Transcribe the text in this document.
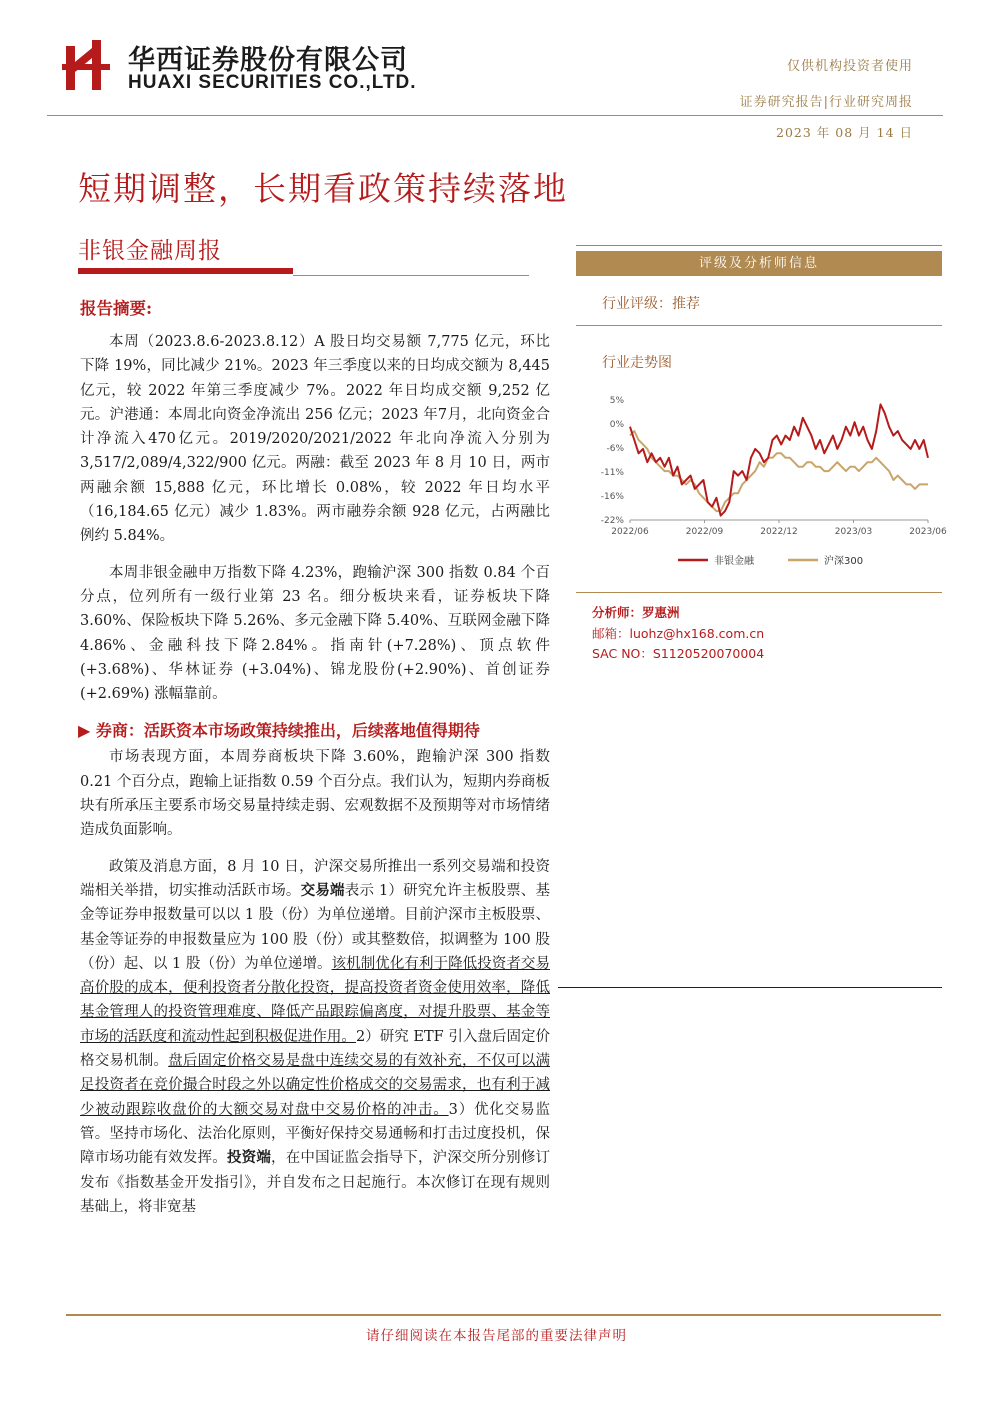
华西证券股份有限公司
HUAXI SECURITIES CO.,LTD.
仅供机构投资者使用
证券研究报告|行业研究周报
2023 年 08 月 14 日
短期调整，长期看政策持续落地
非银金融周报
报告摘要:

本周（2023.8.6-2023.8.12）A 股日均交易额 7,775 亿元，环比下降 19%，同比减少 21%。2023 年三季度以来的日均成交额为 8,445 亿元，较 2022 年第三季度减少 7%。2022 年日均成交额 9,252 亿元。沪港通：本周北向资金净流出 256 亿元；2023 年7月，北向资金合计净流入470亿元。2019/2020/2021/2022 年北向净流入分别为 3,517/2,089/4,322/900 亿元。两融：截至 2023 年 8 月 10 日，两市两融余额 15,888 亿元，环比增长 0.08%，较 2022 年日均水平（16,184.65 亿元）减少 1.83%。两市融券余额 928 亿元，占两融比例约 5.84%。

本周非银金融申万指数下降 4.23%，跑输沪深 300 指数 0.84 个百分点，位列所有一级行业第 23 名。细分板块来看，证券板块下降 3.60%、保险板块下降 5.26%、多元金融下降 5.40%、互联网金融下降4.86%、金融科技下降2.84%。指南针(+7.28%)、顶点软件 (+3.68%)、华林证券 (+3.04%)、锦龙股份(+2.90%)、首创证券 (+2.69%) 涨幅靠前。

▶ 券商：活跃资本市场政策持续推出，后续落地值得期待

市场表现方面，本周券商板块下降 3.60%，跑输沪深 300 指数 0.21 个百分点，跑输上证指数 0.59 个百分点。我们认为，短期内券商板块有所承压主要系市场交易量持续走弱、宏观数据不及预期等对市场情绪造成负面影响。

政策及消息方面，8 月 10 日，沪深交易所推出一系列交易端和投资端相关举措，切实推动活跃市场。交易端表示 1）研究允许主板股票、基金等证券申报数量可以以 1 股（份）为单位递增。目前沪深市主板股票、基金等证券的申报数量应为 100 股（份）或其整数倍，拟调整为 100 股（份）起、以 1 股（份）为单位递增。该机制优化有利于降低投资者交易高价股的成本，便利投资者分散化投资，提高投资者资金使用效率，降低基金管理人的投资管理难度、降低产品跟踪偏离度，对提升股票、基金等市场的活跃度和流动性起到积极促进作用。2）研究 ETF 引入盘后固定价格交易机制。盘后固定价格交易是盘中连续交易的有效补充，不仅可以满足投资者在竞价撮合时段之外以确定性价格成交的交易需求，也有利于减少被动跟踪收盘价的大额交易对盘中交易价格的冲击。3）优化交易监管。坚持市场化、法治化原则，平衡好保持交易通畅和打击过度投机，保障市场功能有效发挥。投资端，在中国证监会指导下，沪深交所分别修订发布《指数基金开发指引》，并自发布之日起施行。本次修订在现有规则基础上，将非宽基

评级及分析师信息
行业评级：推荐
行业走势图
5%
0%
-6%
-11%
-16%
-22%
2022/06	2022/09	2022/12	2023/03	2023/06
非银金融	沪深300
分析师：罗惠洲
邮箱：luohz@hx168.com.cn
SAC NO：S1120520070004
请仔细阅读在本报告尾部的重要法律声明
